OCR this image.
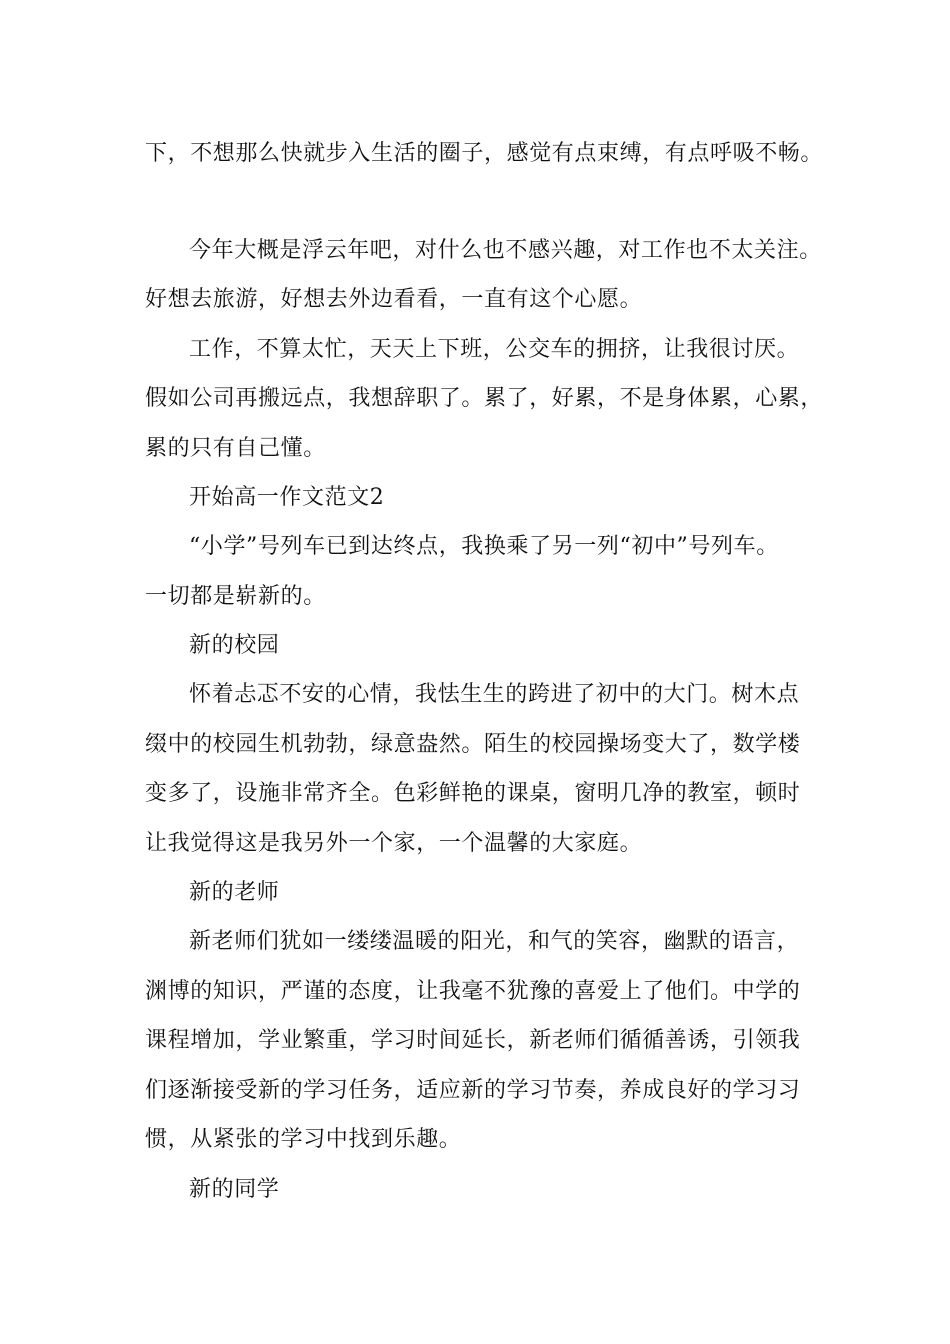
下，不想那么快就步入生活的圈子，感觉有点束缚，有点呼吸不畅。
今年大概是浮云年吧，对什么也不感兴趣，对工作也不太关注。
好想去旅游，好想去外边看看，一直有这个心愿。
工作，不算太忙，天天上下班，公交车的拥挤，让我很讨厌。
假如公司再搬远点，我想辞职了。累了，好累，不是身体累，心累，
累的只有自己懂。
开始高一作文范文2
“小学”号列车已到达终点，我换乘了另一列“初中”号列车。
一切都是崭新的。
新的校园
怀着忐忑不安的心情，我怯生生的跨进了初中的大门。树木点
缀中的校园生机勃勃，绿意盎然。陌生的校园操场变大了，数学楼
变多了，设施非常齐全。色彩鲜艳的课桌，窗明几净的教室，顿时
让我觉得这是我另外一个家，一个温馨的大家庭。
新的老师
新老师们犹如一缕缕温暖的阳光，和气的笑容，幽默的语言，
渊博的知识，严谨的态度，让我毫不犹豫的喜爱上了他们。中学的
课程增加，学业繁重，学习时间延长，新老师们循循善诱，引领我
们逐渐接受新的学习任务，适应新的学习节奏，养成良好的学习习
惯，从紧张的学习中找到乐趣。
新的同学
